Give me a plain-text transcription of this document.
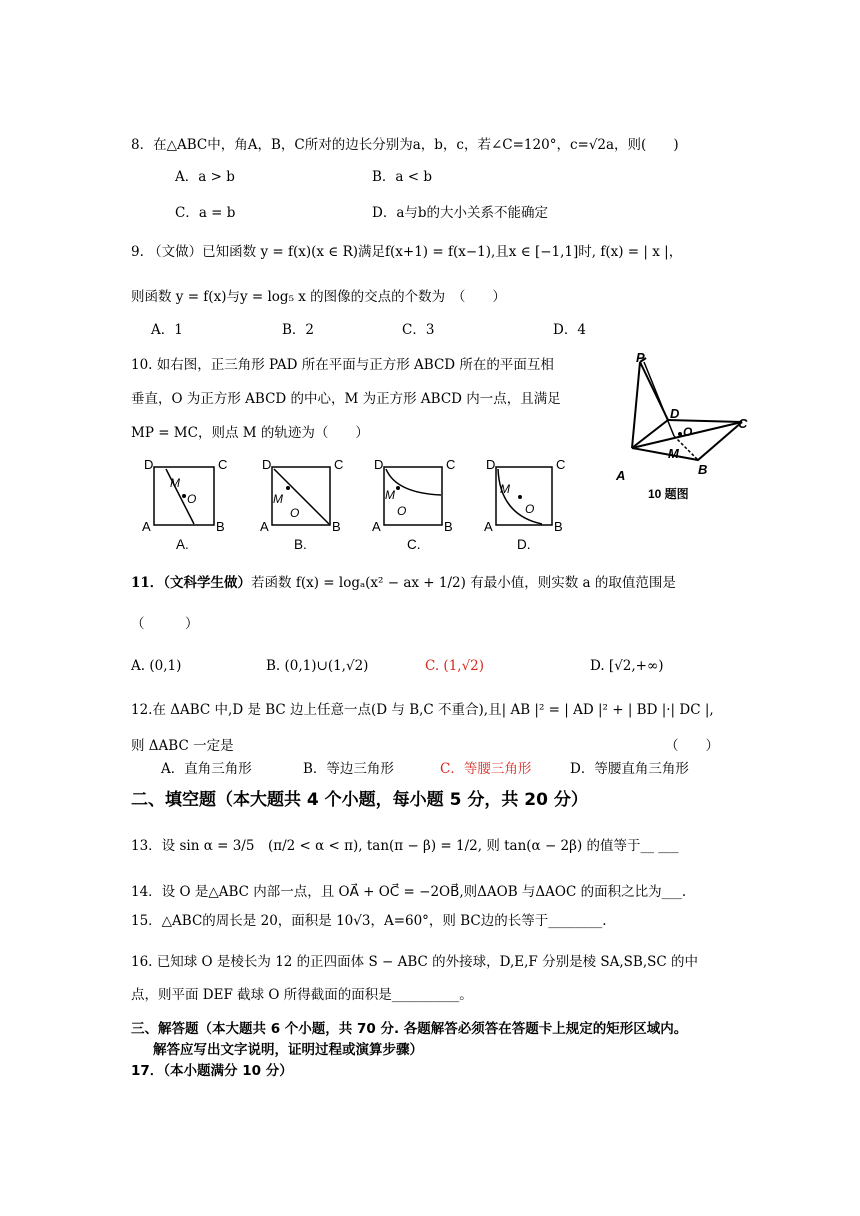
8．在△ABC中，角A，B，C所对的边长分别为a，b，c，若∠C=120°，c=√2a，则(　　)
A．a > b	B．a < b
C．a = b	D．a与b的大小关系不能确定
9. （文做）已知函数 y = f(x)(x ∈ R)满足f(x+1) = f(x−1),且x ∈ [−1,1]时, f(x) = | x |，
则函数 y = f(x)与y = log₅ x 的图像的交点的个数为　（　　）
A．1	B．2	C．3	D．4
10. 如右图，正三角形 PAD 所在平面与正方形 ABCD 所在的平面互相
垂直，O 为正方形 ABCD 的中心，M 为正方形 ABCD 内一点，且满足
MP = MC，则点 M 的轨迹为（　　）
D	C
A	B
M
O
D	C
A	B
M
O
D	C
A	B
M
O
D	C
A	B
M
O
A.	B.	C.	D.
P
D
C
O
M
A	B
10 题图
11．（文科学生做）若函数 f(x) = logₐ(x² − ax + 1/2) 有最小值，则实数 a 的取值范围是
（　　　）
A. (0,1)	B. (0,1)∪(1,√2)	C. (1,√2)	D. [√2,+∞)
12.在 ΔABC 中,D 是 BC 边上任意一点(D 与 B,C 不重合),且| AB |² = | AD |² + | BD |·| DC |,
则 ΔABC 一定是	（　　）
A．直角三角形	B．等边三角形	C．等腰三角形	D．等腰直角三角形
二、填空题（本大题共 4 个小题，每小题 5 分，共 20 分）
13．设 sin α = 3/5　(π/2 < α < π), tan(π − β) = 1/2, 则 tan(α − 2β) 的值等于__ ___
14．设 O 是△ABC 内部一点，且 OA⃗ + OC⃗ = −2OB⃗,则ΔAOB 与ΔAOC 的面积之比为___.
15．△ABC的周长是 20，面积是 10√3，A=60°，则 BC边的长等于________.
16. 已知球 O 是棱长为 12 的正四面体 S − ABC 的外接球，D,E,F 分别是棱 SA,SB,SC 的中
点，则平面 DEF 截球 O 所得截面的面积是__________。
三、解答题（本大题共 6 个小题，共 70 分. 各题解答必须答在答题卡上规定的矩形区域内。
解答应写出文字说明，证明过程或演算步骤）
17．（本小题满分 10 分）
